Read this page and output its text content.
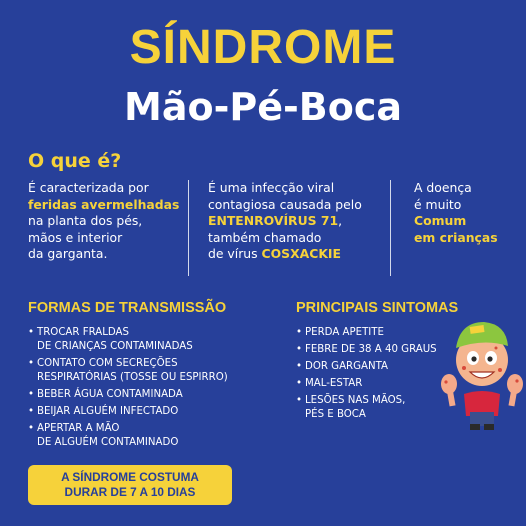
SÍNDROME
Mão-Pé-Boca
O que é?
É caracterizada por
feridas avermelhadas
na planta dos pés,
mãos e interior
da garganta.
É uma infecção viral
contagiosa causada pelo
ENTENROVÍRUS 71,
também chamado
de vírus COSXACKIE
A doença
é muito
Comum
em crianças
FORMAS DE TRANSMISSÃO
• TROCAR FRALDAS
DE CRIANÇAS CONTAMINADAS
• CONTATO COM SECREÇÕES
RESPIRATÓRIAS (TOSSE OU ESPIRRO)
• BEBER ÁGUA CONTAMINADA
• BEIJAR ALGUÉM INFECTADO
• APERTAR A MÃO
DE ALGUÉM CONTAMINADO
PRINCIPAIS SINTOMAS
• PERDA APETITE
• FEBRE DE 38 A 40 GRAUS
• DOR GARGANTA
• MAL-ESTAR
• LESÕES NAS MÃOS,
PÉS E BOCA
A SÍNDROME COSTUMA
DURAR DE 7 A 10 DIAS
